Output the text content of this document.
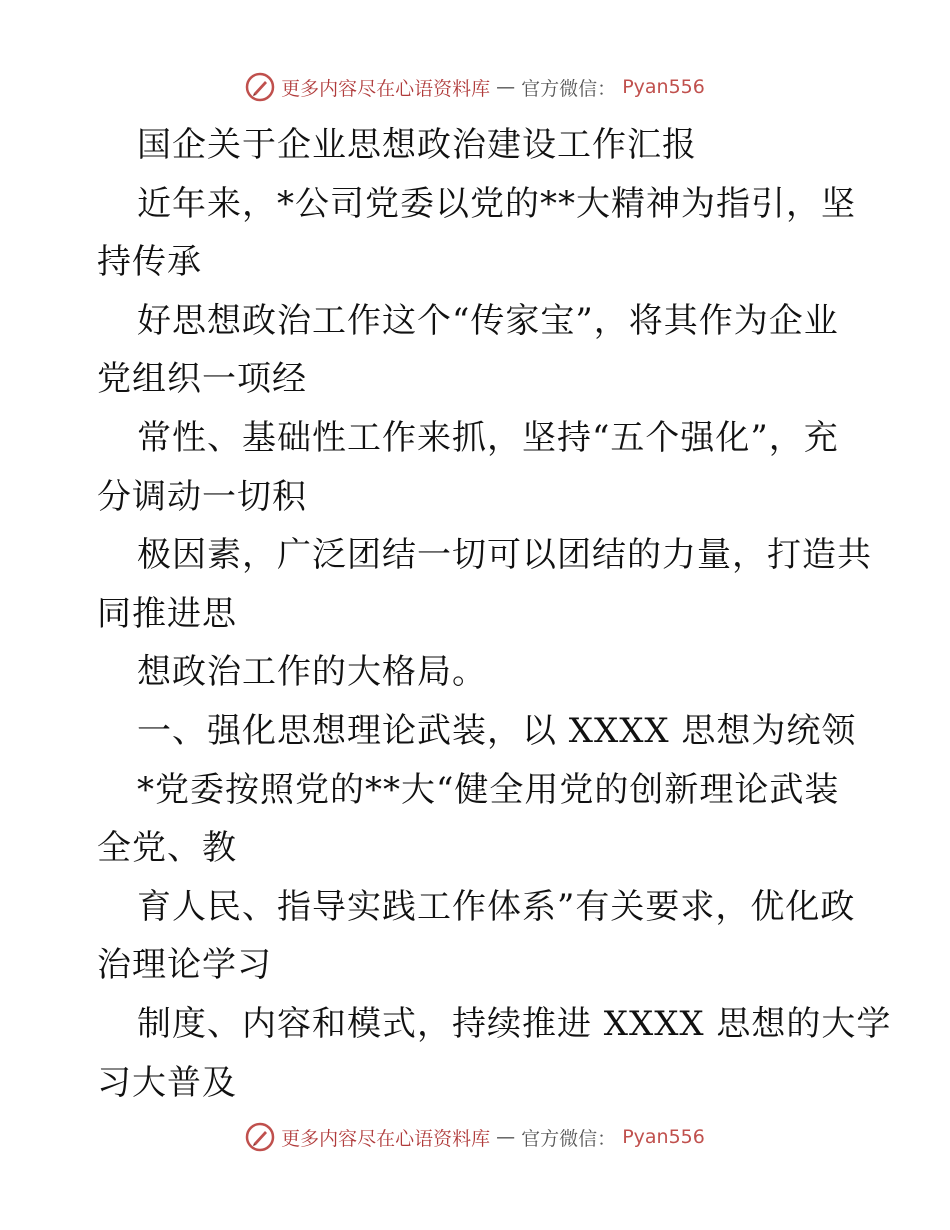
更多内容尽在心语资料库 — 官方微信： Pyan556
国企关于企业思想政治建设工作汇报
近年来，*公司党委以党的**大精神为指引，坚
持传承
好思想政治工作这个“传家宝”，将其作为企业
党组织一项经
常性、基础性工作来抓，坚持“五个强化”，充
分调动一切积
极因素，广泛团结一切可以团结的力量，打造共
同推进思
想政治工作的大格局。
一、强化思想理论武装，以 XXXX 思想为统领
*党委按照党的**大“健全用党的创新理论武装
全党、教
育人民、指导实践工作体系”有关要求，优化政
治理论学习
制度、内容和模式，持续推进 XXXX 思想的大学
习大普及
更多内容尽在心语资料库 — 官方微信： Pyan556
